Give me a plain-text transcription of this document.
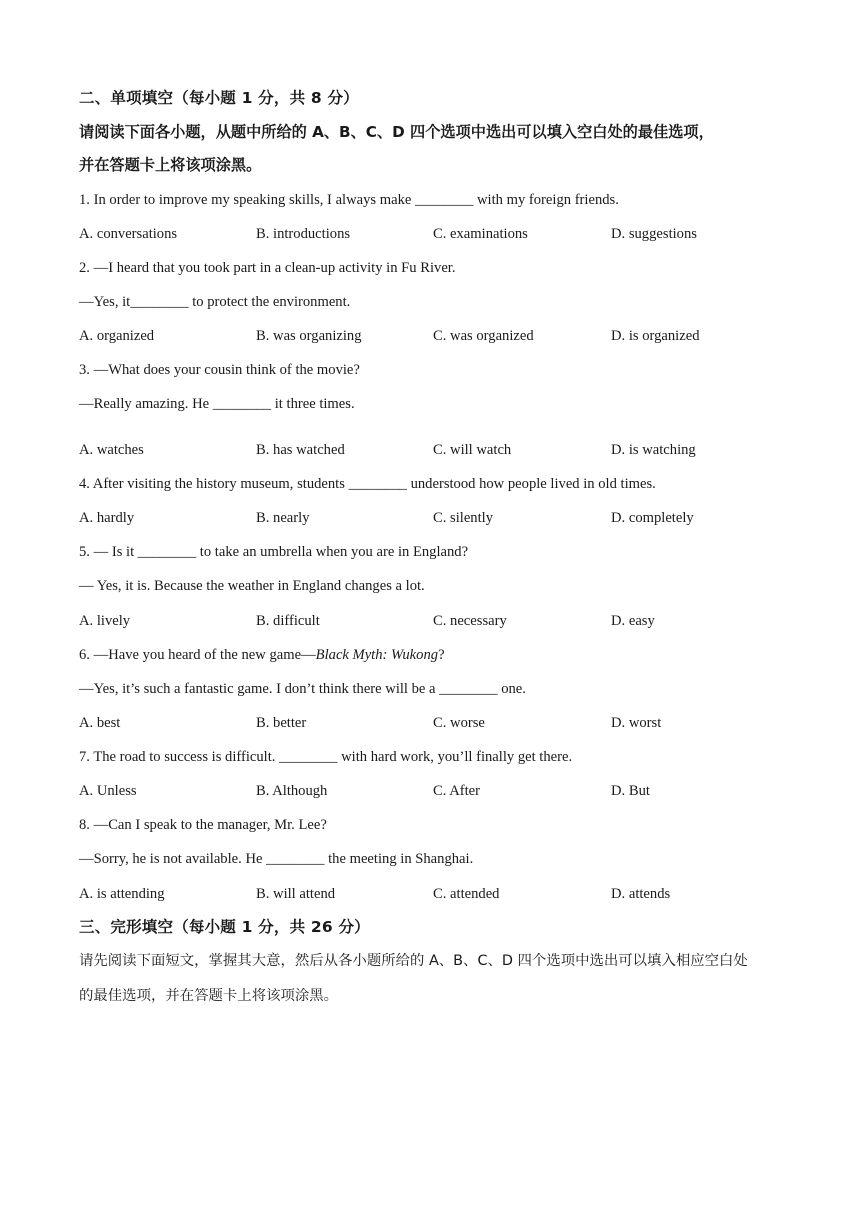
二、单项填空（每小题 1 分，共 8 分）
请阅读下面各小题，从题中所给的 A、B、C、D 四个选项中选出可以填入空白处的最佳选项，
并在答题卡上将该项涂黑。
1. In order to improve my speaking skills, I always make ________ with my foreign friends.
A. conversations	B. introductions	C. examinations	D. suggestions
2. —I heard that you took part in a clean-up activity in Fu River.
—Yes, it________ to protect the environment.
A. organized	B. was organizing	C. was organized	D. is organized
3. —What does your cousin think of the movie?
—Really amazing. He ________ it three times.
A. watches	B. has watched	C. will watch	D. is watching
4. After visiting the history museum, students ________ understood how people lived in old times.
A. hardly	B. nearly	C. silently	D. completely
5. — Is it ________ to take an umbrella when you are in England?
— Yes, it is. Because the weather in England changes a lot.
A. lively	B. difficult	C. necessary	D. easy
6. —Have you heard of the new game—Black Myth: Wukong?
—Yes, it’s such a fantastic game. I don’t think there will be a ________ one.
A. best	B. better	C. worse	D. worst
7. The road to success is difficult. ________ with hard work, you’ll finally get there.
A. Unless	B. Although	C. After	D. But
8. —Can I speak to the manager, Mr. Lee?
—Sorry, he is not available. He ________ the meeting in Shanghai.
A. is attending	B. will attend	C. attended	D. attends
三、完形填空（每小题 1 分，共 26 分）
请先阅读下面短文，掌握其大意，然后从各小题所给的 A、B、C、D 四个选项中选出可以填入相应空白处
的最佳选项，并在答题卡上将该项涂黑。
